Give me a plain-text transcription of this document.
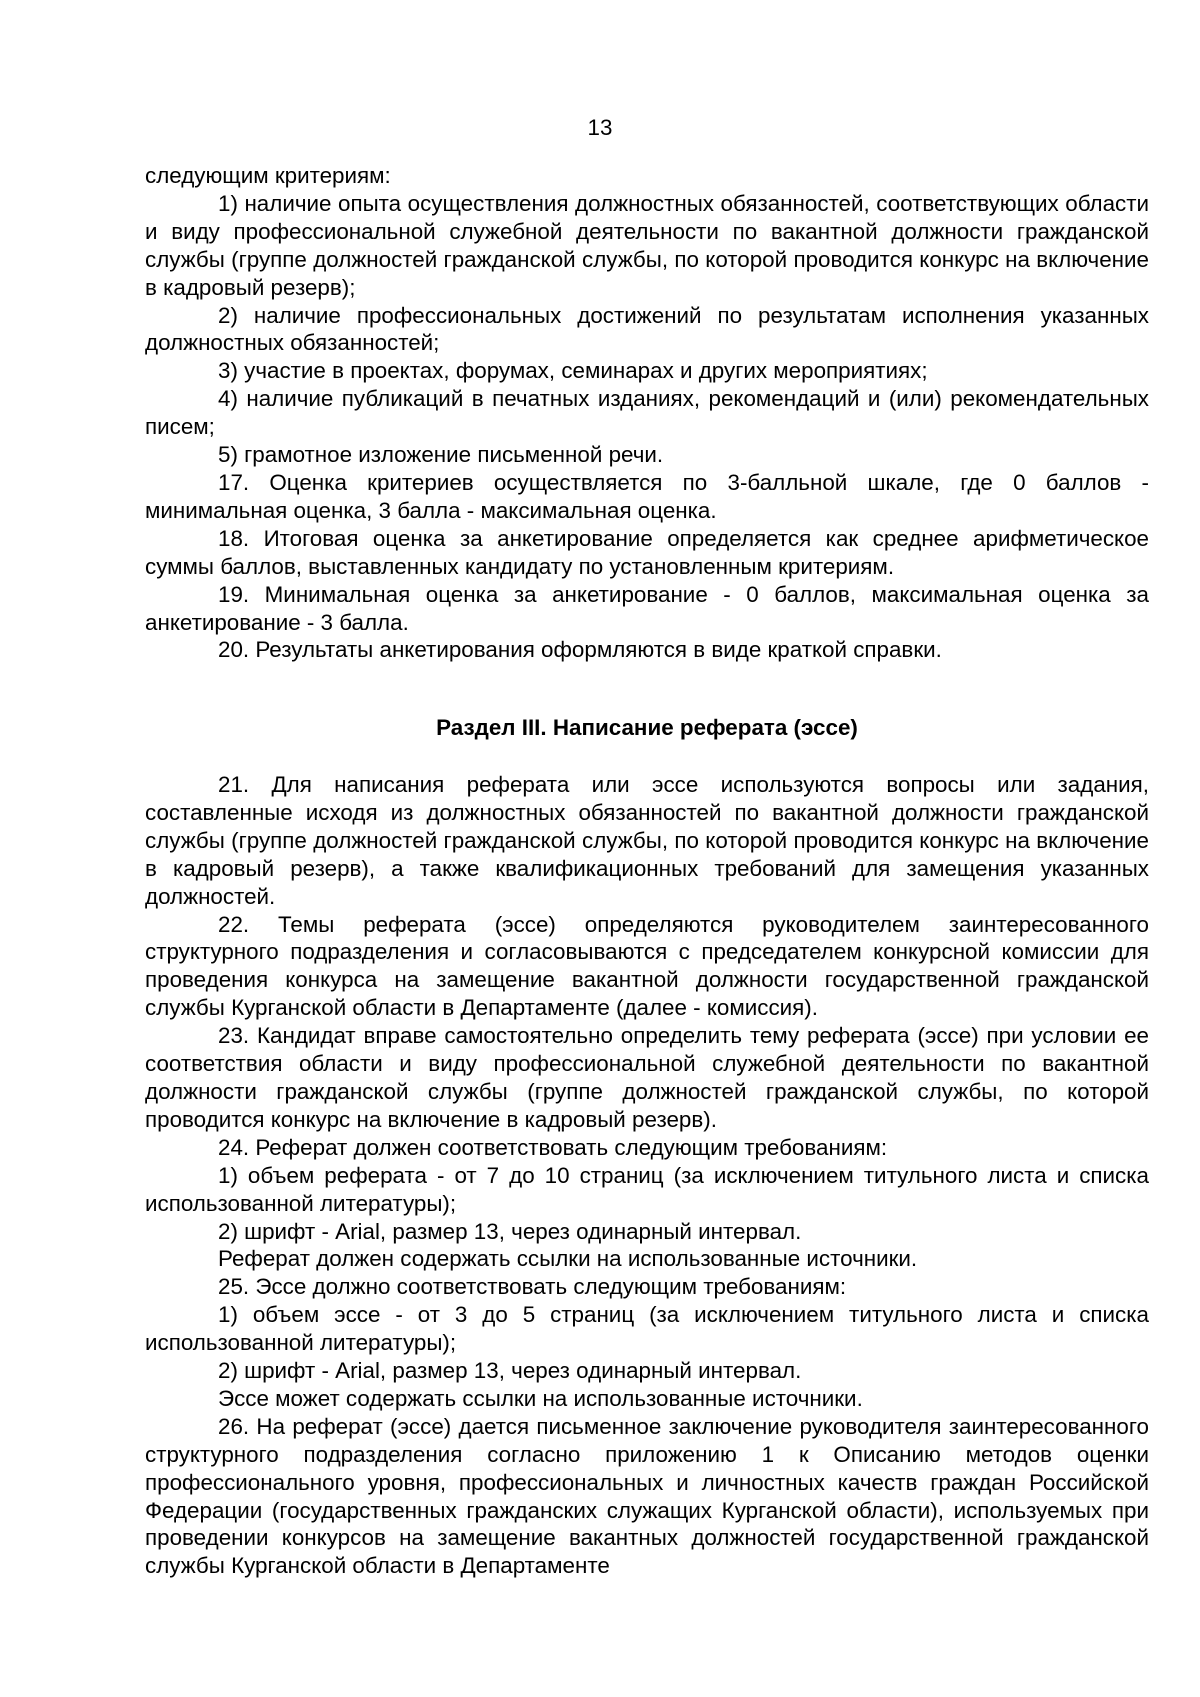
13

следующим критериям:

1) наличие опыта осуществления должностных обязанностей, соответствующих области и виду профессиональной служебной деятельности по вакантной должности гражданской службы (группе должностей гражданской службы, по которой проводится конкурс на включение в кадровый резерв);

2) наличие профессиональных достижений по результатам исполнения указанных должностных обязанностей;

3) участие в проектах, форумах, семинарах и других мероприятиях;

4) наличие публикаций в печатных изданиях, рекомендаций и (или) рекомендательных писем;

5) грамотное изложение письменной речи.

17. Оценка критериев осуществляется по 3-балльной шкале, где 0 баллов - минимальная оценка, 3 балла - максимальная оценка.

18. Итоговая оценка за анкетирование определяется как среднее арифметическое суммы баллов, выставленных кандидату по установленным критериям.

19. Минимальная оценка за анкетирование - 0 баллов, максимальная оценка за анкетирование - 3 балла.

20. Результаты анкетирования оформляются в виде краткой справки.

Раздел III. Написание реферата (эссе)

21. Для написания реферата или эссе используются вопросы или задания, составленные исходя из должностных обязанностей по вакантной должности гражданской службы (группе должностей гражданской службы, по которой проводится конкурс на включение в кадровый резерв), а также квалификационных требований для замещения указанных должностей.

22. Темы реферата (эссе) определяются руководителем заинтересованного структурного подразделения и согласовываются с председателем конкурсной комиссии для проведения конкурса на замещение вакантной должности государственной гражданской службы Курганской области в Департаменте (далее - комиссия).

23. Кандидат вправе самостоятельно определить тему реферата (эссе) при условии ее соответствия области и виду профессиональной служебной деятельности по вакантной должности гражданской службы (группе должностей гражданской службы, по которой проводится конкурс на включение в кадровый резерв).

24. Реферат должен соответствовать следующим требованиям:

1) объем реферата - от 7 до 10 страниц (за исключением титульного листа и списка использованной литературы);

2) шрифт - Arial, размер 13, через одинарный интервал.

Реферат должен содержать ссылки на использованные источники.

25. Эссе должно соответствовать следующим требованиям:

1) объем эссе - от 3 до 5 страниц (за исключением титульного листа и списка использованной литературы);

2) шрифт - Arial, размер 13, через одинарный интервал.

Эссе может содержать ссылки на использованные источники.

26. На реферат (эссе) дается письменное заключение руководителя заинтересованного структурного подразделения согласно приложению 1 к Описанию методов оценки профессионального уровня, профессиональных и личностных качеств граждан Российской Федерации (государственных гражданских служащих Курганской области), используемых при проведении конкурсов на замещение вакантных должностей государственной гражданской службы Курганской области в Департаменте
